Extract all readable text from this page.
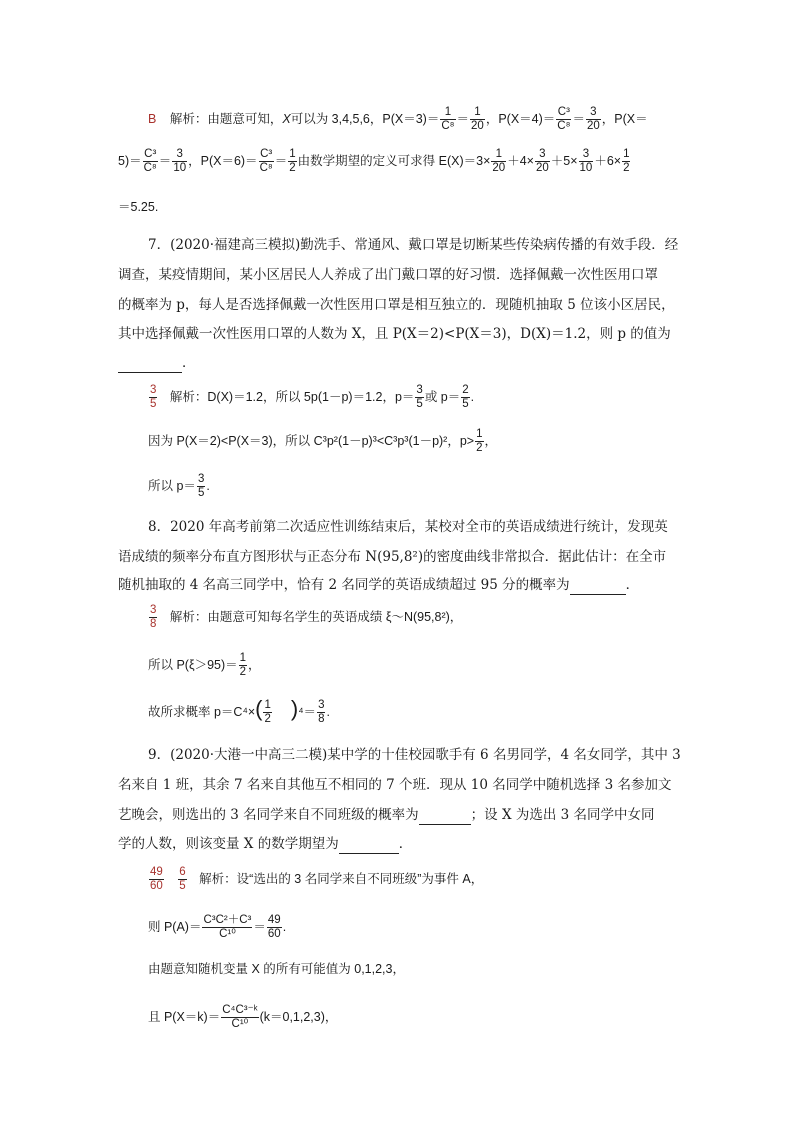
B 解析：由题意可知，X可以为 3,4,5,6，$P(X=3)= \frac{1}{\text{C⁸}} = \frac{1}{20}$ ，$P(X=4)= \frac{\text{C³}}{\text{C⁸}} = \frac{3}{20}$ ，P(X＝
$5)= \frac{\text{C³}}{\text{C⁸}} = \frac{3}{10}$ ，$P(X=6)= \frac{\text{C³}}{\text{C⁸}} = \frac{1}{2}$ 由数学期望的定义可求得 $E(X)=3\times \frac{1}{20} +4\times \frac{3}{20} +5\times \frac{3}{10} +6\times \frac{1}{2}$
＝5.25.
7．(2020·福建高三模拟)勤洗手、常通风、戴口罩是切断某些传染病传播的有效手段．经
调查，某疫情期间，某小区居民人人养成了出门戴口罩的好习惯．选择佩戴一次性医用口罩
的概率为 p，每人是否选择佩戴一次性医用口罩是相互独立的．现随机抽取 5 位该小区居民，
其中选择佩戴一次性医用口罩的人数为 X，且 P(X＝2)<P(X＝3)，D(X)＝1.2，则 p 的值为
．
$\frac{3}{5}$ 解析：D(X)＝1.2，所以 5p(1－p)＝1.2，$p= \frac{3}{5}$ 或 $p= \frac{2}{5}$ .
因为 P(X＝2)<P(X＝3)，所以 C³p²(1－p)³<C³p³(1－p)²，$p> \frac{1}{2}$ ，
所以 $p= \frac{3}{5}$ .
8．2020 年高考前第二次适应性训练结束后，某校对全市的英语成绩进行统计，发现英
语成绩的频率分布直方图形状与正态分布 N(95,8²)的密度曲线非常拟合．据此估计：在全市
随机抽取的 4 名高三同学中，恰有 2 名同学的英语成绩超过 95 分的概率为	．
$\frac{3}{8}$ 解析：由题意可知每名学生的英语成绩 ξ～N(95,8²)，
所以 $P(\xi>95)= \frac{1}{2}$ ，
故所求概率 $p=C^4\times( \frac{1}{2} )^4= \frac{3}{8}$ .
9．(2020·大港一中高三二模)某中学的十佳校园歌手有 6 名男同学，4 名女同学，其中 3
名来自 1 班，其余 7 名来自其他互不相同的 7 个班．现从 10 名同学中随机选择 3 名参加文
艺晚会，则选出的 3 名同学来自不同班级的概率为	；设 X 为选出 3 名同学中女同
学的人数，则该变量 X 的数学期望为	．
$\frac{49}{60}$
$\frac{6}{5}$ 解析：设“选出的 3 名同学来自不同班级”为事件 A，
则 $P(A)= \frac{\text{C³C²＋C³}}{\text{C¹⁰}} = \frac{49}{60}$ .
由题意知随机变量 X 的所有可能值为 0,1,2,3，
且 $P(X=k)= \frac{\text{C⁴C³⁻ᵏ}}{\text{C¹⁰}} (k=0,1,2,3)$，
